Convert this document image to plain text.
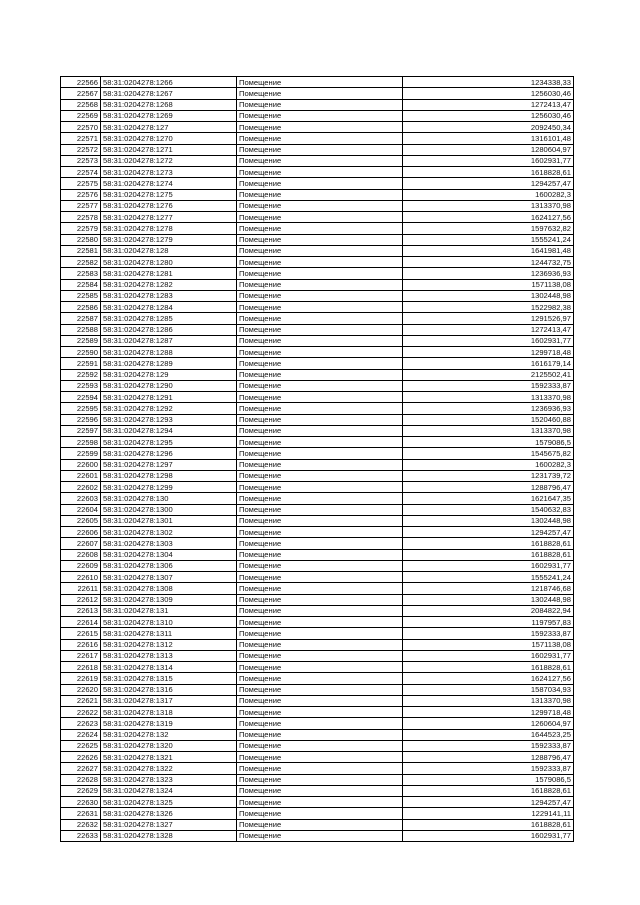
22566	58:31:0204278:1266	Помещение	1234338,33
22567	58:31:0204278:1267	Помещение	1256030,46
22568	58:31:0204278:1268	Помещение	1272413,47
22569	58:31:0204278:1269	Помещение	1256030,46
22570	58:31:0204278:127	Помещение	2092450,34
22571	58:31:0204278:1270	Помещение	1316101,48
22572	58:31:0204278:1271	Помещение	1280604,97
22573	58:31:0204278:1272	Помещение	1602931,77
22574	58:31:0204278:1273	Помещение	1618828,61
22575	58:31:0204278:1274	Помещение	1294257,47
22576	58:31:0204278:1275	Помещение	1600282,3
22577	58:31:0204278:1276	Помещение	1313370,98
22578	58:31:0204278:1277	Помещение	1624127,56
22579	58:31:0204278:1278	Помещение	1597632,82
22580	58:31:0204278:1279	Помещение	1555241,24
22581	58:31:0204278:128	Помещение	1641981,48
22582	58:31:0204278:1280	Помещение	1244732,75
22583	58:31:0204278:1281	Помещение	1236936,93
22584	58:31:0204278:1282	Помещение	1571138,08
22585	58:31:0204278:1283	Помещение	1302448,98
22586	58:31:0204278:1284	Помещение	1522982,38
22587	58:31:0204278:1285	Помещение	1291526,97
22588	58:31:0204278:1286	Помещение	1272413,47
22589	58:31:0204278:1287	Помещение	1602931,77
22590	58:31:0204278:1288	Помещение	1299718,48
22591	58:31:0204278:1289	Помещение	1616179,14
22592	58:31:0204278:129	Помещение	2125502,41
22593	58:31:0204278:1290	Помещение	1592333,87
22594	58:31:0204278:1291	Помещение	1313370,98
22595	58:31:0204278:1292	Помещение	1236936,93
22596	58:31:0204278:1293	Помещение	1520460,88
22597	58:31:0204278:1294	Помещение	1313370,98
22598	58:31:0204278:1295	Помещение	1579086,5
22599	58:31:0204278:1296	Помещение	1545675,82
22600	58:31:0204278:1297	Помещение	1600282,3
22601	58:31:0204278:1298	Помещение	1231739,72
22602	58:31:0204278:1299	Помещение	1288796,47
22603	58:31:0204278:130	Помещение	1621647,35
22604	58:31:0204278:1300	Помещение	1540632,83
22605	58:31:0204278:1301	Помещение	1302448,98
22606	58:31:0204278:1302	Помещение	1294257,47
22607	58:31:0204278:1303	Помещение	1618828,61
22608	58:31:0204278:1304	Помещение	1618828,61
22609	58:31:0204278:1306	Помещение	1602931,77
22610	58:31:0204278:1307	Помещение	1555241,24
22611	58:31:0204278:1308	Помещение	1218746,68
22612	58:31:0204278:1309	Помещение	1302448,98
22613	58:31:0204278:131	Помещение	2084822,94
22614	58:31:0204278:1310	Помещение	1197957,83
22615	58:31:0204278:1311	Помещение	1592333,87
22616	58:31:0204278:1312	Помещение	1571138,08
22617	58:31:0204278:1313	Помещение	1602931,77
22618	58:31:0204278:1314	Помещение	1618828,61
22619	58:31:0204278:1315	Помещение	1624127,56
22620	58:31:0204278:1316	Помещение	1587034,93
22621	58:31:0204278:1317	Помещение	1313370,98
22622	58:31:0204278:1318	Помещение	1299718,48
22623	58:31:0204278:1319	Помещение	1260604,97
22624	58:31:0204278:132	Помещение	1644523,25
22625	58:31:0204278:1320	Помещение	1592333,87
22626	58:31:0204278:1321	Помещение	1288796,47
22627	58:31:0204278:1322	Помещение	1592333,87
22628	58:31:0204278:1323	Помещение	1579086,5
22629	58:31:0204278:1324	Помещение	1618828,61
22630	58:31:0204278:1325	Помещение	1294257,47
22631	58:31:0204278:1326	Помещение	1229141,11
22632	58:31:0204278:1327	Помещение	1618828,61
22633	58:31:0204278:1328	Помещение	1602931,77
